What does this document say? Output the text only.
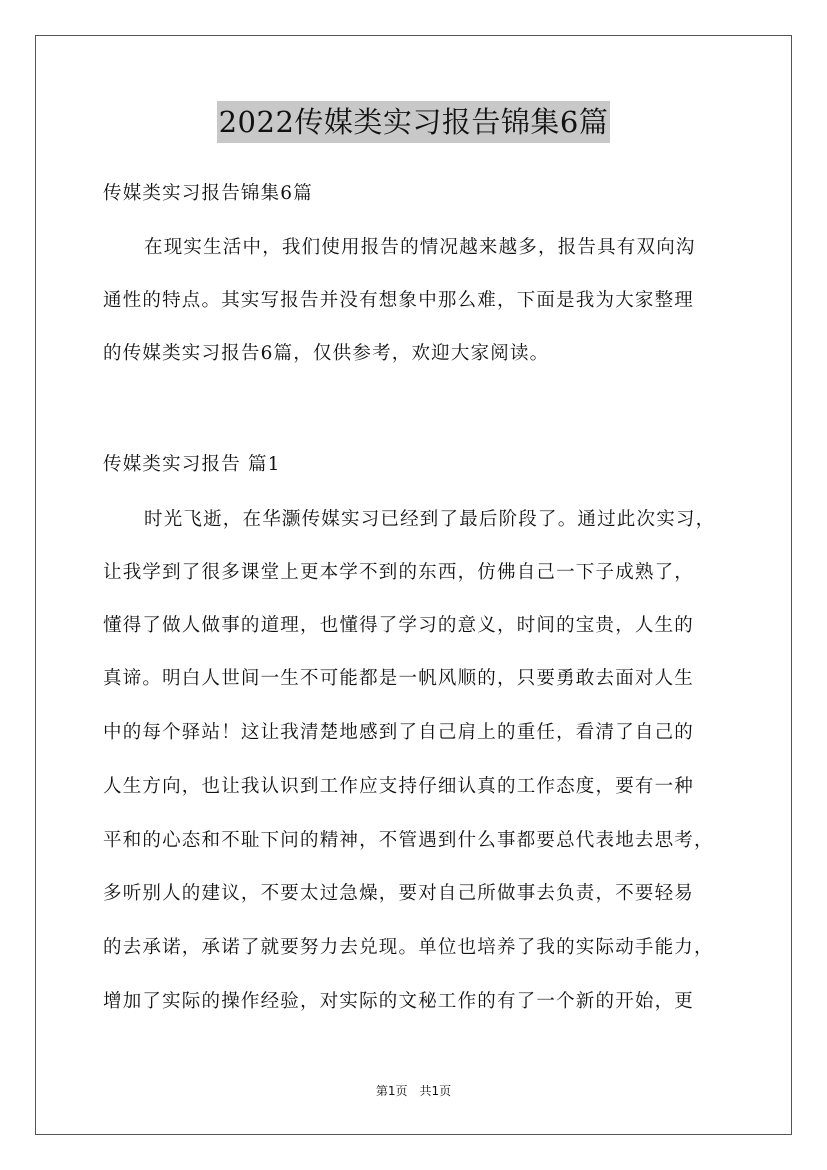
2022传媒类实习报告锦集6篇

传媒类实习报告锦集6篇

在现实生活中，我们使用报告的情况越来越多，报告具有双向沟

通性的特点。其实写报告并没有想象中那么难，下面是我为大家整理

的传媒类实习报告6篇，仅供参考，欢迎大家阅读。

传媒类实习报告 篇1

时光飞逝，在华灏传媒实习已经到了最后阶段了。通过此次实习，

让我学到了很多课堂上更本学不到的东西，仿佛自己一下子成熟了，

懂得了做人做事的道理，也懂得了学习的意义，时间的宝贵，人生的

真谛。明白人世间一生不可能都是一帆风顺的，只要勇敢去面对人生

中的每个驿站！这让我清楚地感到了自己肩上的重任，看清了自己的

人生方向，也让我认识到工作应支持仔细认真的工作态度，要有一种

平和的心态和不耻下问的精神，不管遇到什么事都要总代表地去思考，

多听别人的建议，不要太过急燥，要对自己所做事去负责，不要轻易

的去承诺，承诺了就要努力去兑现。单位也培养了我的实际动手能力，

增加了实际的操作经验，对实际的文秘工作的有了一个新的开始，更

第1页　共1页
